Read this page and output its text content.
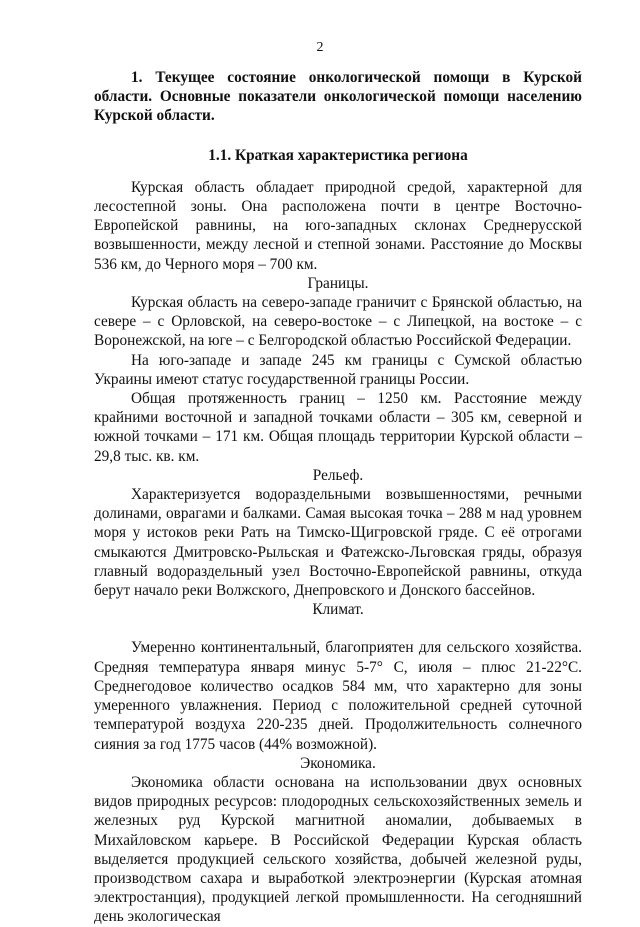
2

1. Текущее состояние онкологической помощи в Курской области. Основные показатели онкологической помощи населению Курской области.

1.1. Краткая характеристика региона

Курская область обладает природной средой, характерной для лесостепной зоны. Она расположена почти в центре Восточно-Европейской равнины, на юго-западных склонах Среднерусской возвышенности, между лесной и степной зонами. Расстояние до Москвы 536 км, до Черного моря – 700 км.

Границы.

Курская область на северо-западе граничит с Брянской областью, на севере – с Орловской, на северо-востоке – с Липецкой, на востоке – с Воронежской, на юге – с Белгородской областью Российской Федерации.

На юго-западе и западе 245 км границы с Сумской областью Украины имеют статус государственной границы России.

Общая протяженность границ – 1250 км. Расстояние между крайними восточной и западной точками области – 305 км, северной и южной точками – 171 км. Общая площадь территории Курской области – 29,8 тыс. кв. км.

Рельеф.

Характеризуется водораздельными возвышенностями, речными долинами, оврагами и балками. Самая высокая точка – 288 м над уровнем моря у истоков реки Рать на Тимско-Щигровской гряде. С её отрогами смыкаются Дмитровско-Рыльская и Фатежско-Льговская гряды, образуя главный водораздельный узел Восточно-Европейской равнины, откуда берут начало реки Волжского, Днепровского и Донского бассейнов.

Климат.

Умеренно континентальный, благоприятен для сельского хозяйства. Средняя температура января минус 5-7° С, июля – плюс 21-22°С. Среднегодовое количество осадков 584 мм, что характерно для зоны умеренного увлажнения. Период с положительной средней суточной температурой воздуха 220-235 дней. Продолжительность солнечного сияния за год 1775 часов (44% возможной).

Экономика.

Экономика области основана на использовании двух основных видов природных ресурсов: плодородных сельскохозяйственных земель и железных руд Курской магнитной аномалии, добываемых в Михайловском карьере. В Российской Федерации Курская область выделяется продукцией сельского хозяйства, добычей железной руды, производством сахара и выработкой электроэнергии (Курская атомная электростанция), продукцией легкой промышленности. На сегодняшний день экологическая
